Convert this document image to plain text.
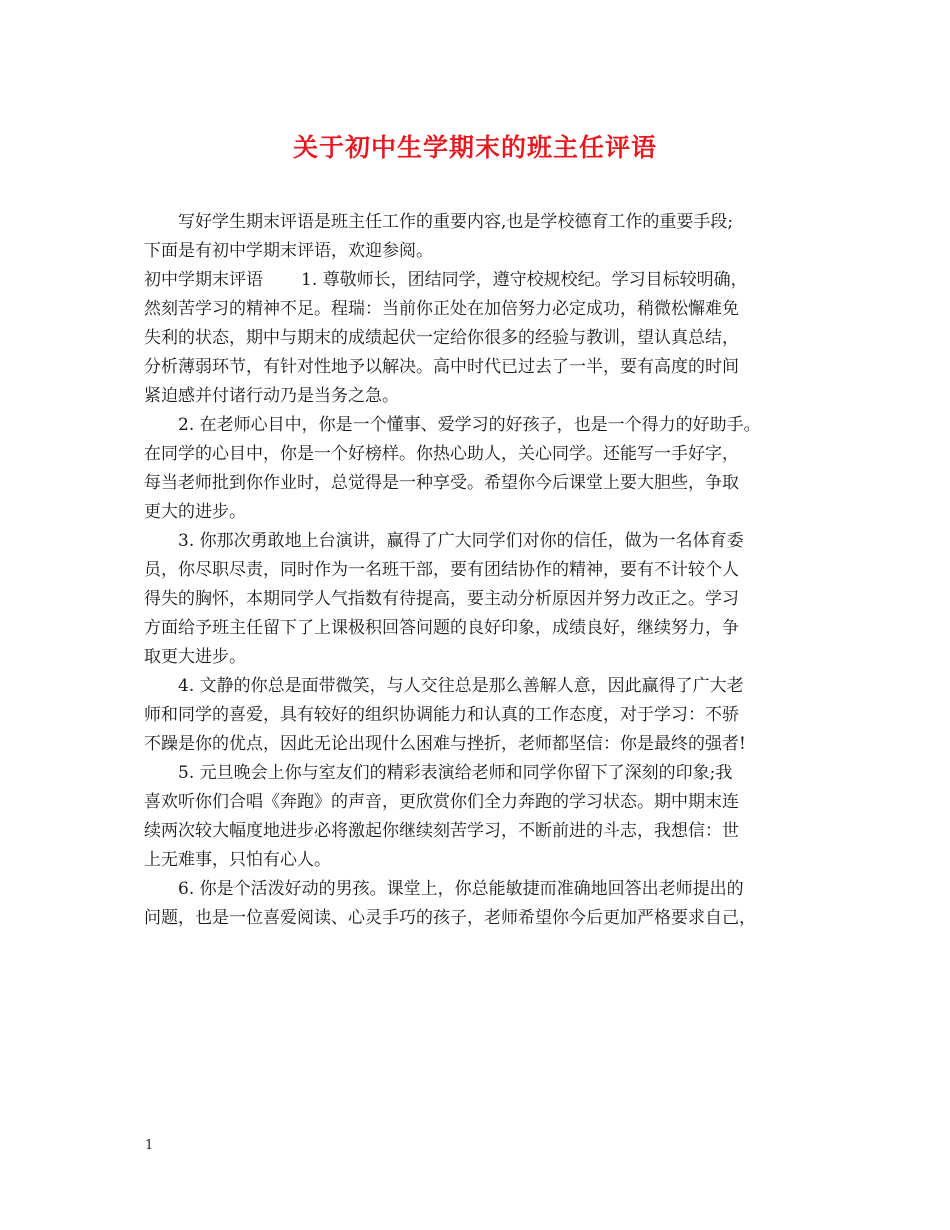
关于初中生学期末的班主任评语
写好学生期末评语是班主任工作的重要内容,也是学校德育工作的重要手段;
下面是有初中学期末评语，欢迎参阅。
初中学期末评语 1. 尊敬师长，团结同学，遵守校规校纪。学习目标较明确，
然刻苦学习的精神不足。程瑞：当前你正处在加倍努力必定成功，稍微松懈难免
失利的状态，期中与期末的成绩起伏一定给你很多的经验与教训，望认真总结，
分析薄弱环节，有针对性地予以解决。高中时代已过去了一半，要有高度的时间
紧迫感并付诸行动乃是当务之急。
2. 在老师心目中，你是一个懂事、爱学习的好孩子，也是一个得力的好助手。
在同学的心目中，你是一个好榜样。你热心助人，关心同学。还能写一手好字，
每当老师批到你作业时，总觉得是一种享受。希望你今后课堂上要大胆些，争取
更大的进步。
3. 你那次勇敢地上台演讲，赢得了广大同学们对你的信任，做为一名体育委
员，你尽职尽责，同时作为一名班干部，要有团结协作的精神，要有不计较个人
得失的胸怀，本期同学人气指数有待提高，要主动分析原因并努力改正之。学习
方面给予班主任留下了上课极积回答问题的良好印象，成绩良好，继续努力，争
取更大进步。
4. 文静的你总是面带微笑，与人交往总是那么善解人意，因此赢得了广大老
师和同学的喜爱，具有较好的组织协调能力和认真的工作态度，对于学习：不骄
不躁是你的优点，因此无论出现什么困难与挫折，老师都坚信：你是最终的强者!
5. 元旦晚会上你与室友们的精彩表演给老师和同学你留下了深刻的印象;我
喜欢听你们合唱《奔跑》的声音，更欣赏你们全力奔跑的学习状态。期中期末连
续两次较大幅度地进步必将激起你继续刻苦学习，不断前进的斗志，我想信：世
上无难事，只怕有心人。
6. 你是个活泼好动的男孩。课堂上，你总能敏捷而准确地回答出老师提出的
问题，也是一位喜爱阅读、心灵手巧的孩子，老师希望你今后更加严格要求自己，
1
